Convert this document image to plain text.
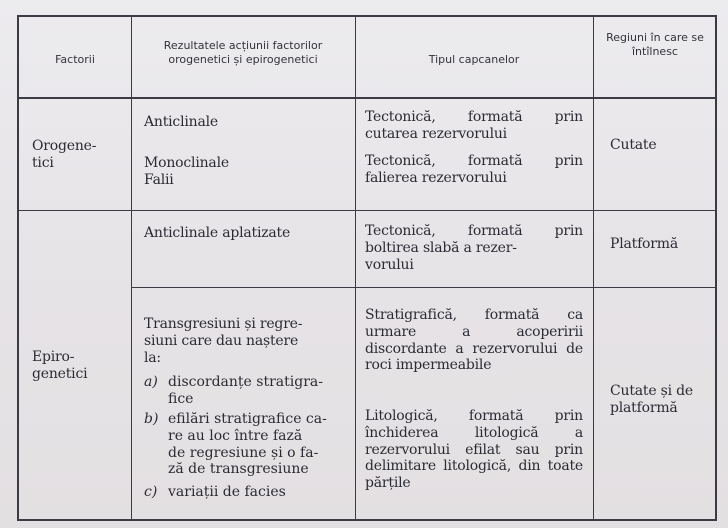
Factorii
Rezultatele acțiunii factorilor orogenetici și epirogenetici	Tipul capcanelor
Regiuni în care se întîlnesc
Orogene-
tici
Anticlinale
Monoclinale
Falii
Tectonică, formată prin cutarea rezervorului
Tectonică, formată prin falierea rezervorului
Cutate
Epiro-
genetici
Anticlinale aplatizate	Tectonică, formată prin boltirea slabă a rezer-
vorului
Platformă
Transgresiuni și regre-
siuni care dau naștere
la:
a) discordanțe stratigra-
fice
b) efilări stratigrafice ca-
re au loc între fază
de regresiune și o fa-
ză de transgresiune
c) variații de facies
Stratigrafică, formată ca urmare a acoperirii discordante a rezervorului de roci impermeabile
Litologică, formată prin închiderea litologică a rezervorului efilat sau prin delimitare litologică, din toate părțile
Cutate și de
platformă
